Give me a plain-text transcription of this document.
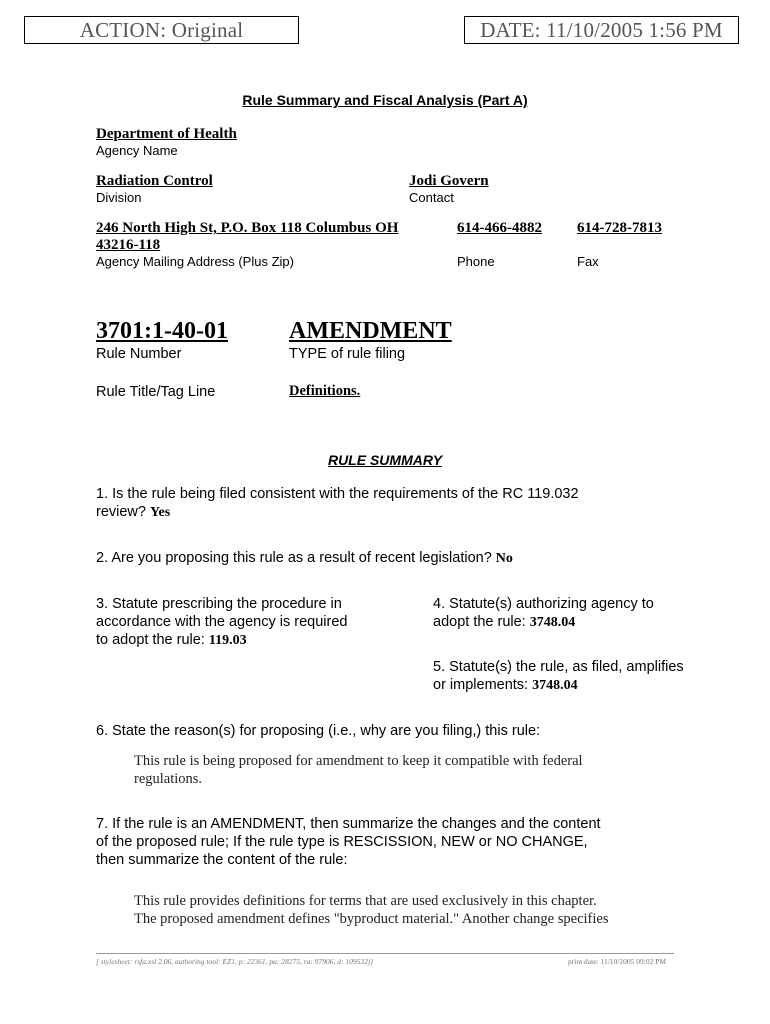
ACTION: Original	DATE: 11/10/2005 1:56 PM
Rule Summary and Fiscal Analysis (Part A)
Department of Health
Agency Name
Radiation Control
Division
Jodi Govern
Contact
246 North High St, P.O. Box 118 Columbus OH
43216-118
Agency Mailing Address (Plus Zip)
614-466-4882
Phone
614-728-7813
Fax
3701:1-40-01
Rule Number
AMENDMENT
TYPE of rule filing
Rule Title/Tag Line	Definitions.
RULE SUMMARY
1. Is the rule being filed consistent with the requirements of the RC 119.032
review? Yes
2. Are you proposing this rule as a result of recent legislation? No
3. Statute prescribing the procedure in
accordance with the agency is required
to adopt the rule: 119.03
4. Statute(s) authorizing agency to
adopt the rule: 3748.04
5. Statute(s) the rule, as filed, amplifies
or implements: 3748.04
6. State the reason(s) for proposing (i.e., why are you filing,) this rule:
This rule is being proposed for amendment to keep it compatible with federal
regulations.
7. If the rule is an AMENDMENT, then summarize the changes and the content
of the proposed rule; If the rule type is RESCISSION, NEW or NO CHANGE,
then summarize the content of the rule:
This rule provides definitions for terms that are used exclusively in this chapter.
The proposed amendment defines "byproduct material." Another change specifies
[ stylesheet: rsfa.xsl 2.06, authoring tool: EZ1, p: 22361, pa: 28275, ra: 97906, d: 109532)]	print date: 11/10/2005 09:02 PM
